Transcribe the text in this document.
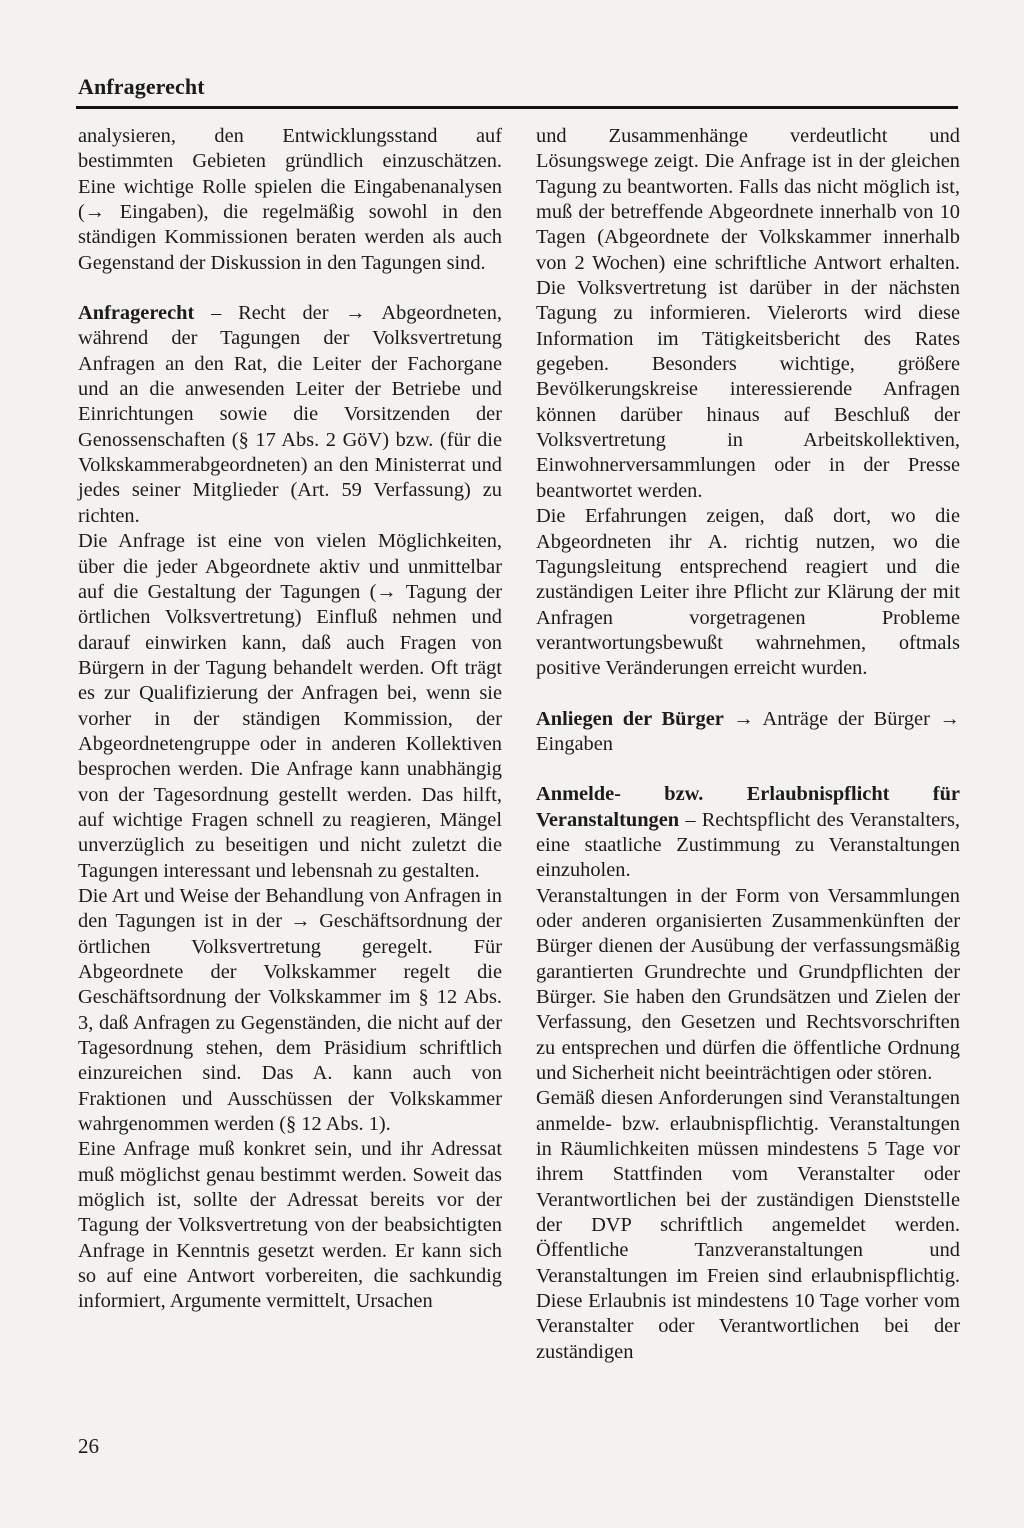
Anfragerecht

analysieren, den Entwicklungsstand auf bestimmten Gebieten gründlich einzuschätzen. Eine wichtige Rolle spielen die Eingabenanalysen (→ Eingaben), die regelmäßig sowohl in den ständigen Kommissionen beraten werden als auch Gegenstand der Diskussion in den Tagungen sind.

Anfragerecht – Recht der → Abgeordneten, während der Tagungen der Volksvertretung Anfragen an den Rat, die Leiter der Fachorgane und an die anwesenden Leiter der Betriebe und Einrichtungen sowie die Vorsitzenden der Genossenschaften (§ 17 Abs. 2 GöV) bzw. (für die Volkskammerabgeordneten) an den Ministerrat und jedes seiner Mitglieder (Art. 59 Verfassung) zu richten.

Die Anfrage ist eine von vielen Möglichkeiten, über die jeder Abgeordnete aktiv und unmittelbar auf die Gestaltung der Tagungen (→ Tagung der örtlichen Volksvertretung) Einfluß nehmen und darauf einwirken kann, daß auch Fragen von Bürgern in der Tagung behandelt werden. Oft trägt es zur Qualifizierung der Anfragen bei, wenn sie vorher in der ständigen Kommission, der Abgeordnetengruppe oder in anderen Kollektiven besprochen werden. Die Anfrage kann unabhängig von der Tagesordnung gestellt werden. Das hilft, auf wichtige Fragen schnell zu reagieren, Mängel unverzüglich zu beseitigen und nicht zuletzt die Tagungen interessant und lebensnah zu gestalten.

Die Art und Weise der Behandlung von Anfragen in den Tagungen ist in der → Geschäftsordnung der örtlichen Volksvertretung geregelt. Für Abgeordnete der Volkskammer regelt die Geschäftsordnung der Volkskammer im § 12 Abs. 3, daß Anfragen zu Gegenständen, die nicht auf der Tagesordnung stehen, dem Präsidium schriftlich einzureichen sind. Das A. kann auch von Fraktionen und Ausschüssen der Volkskammer wahrgenommen werden (§ 12 Abs. 1).

Eine Anfrage muß konkret sein, und ihr Adressat muß möglichst genau bestimmt werden. Soweit das möglich ist, sollte der Adressat bereits vor der Tagung der Volksvertretung von der beabsichtigten Anfrage in Kenntnis gesetzt werden. Er kann sich so auf eine Antwort vorbereiten, die sachkundig informiert, Argumente vermittelt, Ursachen

und Zusammenhänge verdeutlicht und Lösungswege zeigt. Die Anfrage ist in der gleichen Tagung zu beantworten. Falls das nicht möglich ist, muß der betreffende Abgeordnete innerhalb von 10 Tagen (Abgeordnete der Volkskammer innerhalb von 2 Wochen) eine schriftliche Antwort erhalten. Die Volksvertretung ist darüber in der nächsten Tagung zu informieren. Vielerorts wird diese Information im Tätigkeitsbericht des Rates gegeben. Besonders wichtige, größere Bevölkerungskreise interessierende Anfragen können darüber hinaus auf Beschluß der Volksvertretung in Arbeitskollektiven, Einwohnerversammlungen oder in der Presse beantwortet werden.

Die Erfahrungen zeigen, daß dort, wo die Abgeordneten ihr A. richtig nutzen, wo die Tagungsleitung entsprechend reagiert und die zuständigen Leiter ihre Pflicht zur Klärung der mit Anfragen vorgetragenen Probleme verantwortungsbewußt wahrnehmen, oftmals positive Veränderungen erreicht wurden.

Anliegen der Bürger → Anträge der Bürger → Eingaben

Anmelde- bzw. Erlaubnispflicht für Veranstaltungen – Rechtspflicht des Veranstalters, eine staatliche Zustimmung zu Veranstaltungen einzuholen.

Veranstaltungen in der Form von Versammlungen oder anderen organisierten Zusammenkünften der Bürger dienen der Ausübung der verfassungsmäßig garantierten Grundrechte und Grundpflichten der Bürger. Sie haben den Grundsätzen und Zielen der Verfassung, den Gesetzen und Rechtsvorschriften zu entsprechen und dürfen die öffentliche Ordnung und Sicherheit nicht beeinträchtigen oder stören.

Gemäß diesen Anforderungen sind Veranstaltungen anmelde- bzw. erlaubnispflichtig. Veranstaltungen in Räumlichkeiten müssen mindestens 5 Tage vor ihrem Stattfinden vom Veranstalter oder Verantwortlichen bei der zuständigen Dienststelle der DVP schriftlich angemeldet werden. Öffentliche Tanzveranstaltungen und Veranstaltungen im Freien sind erlaubnispflichtig. Diese Erlaubnis ist mindestens 10 Tage vorher vom Veranstalter oder Verantwortlichen bei der zuständigen

26
